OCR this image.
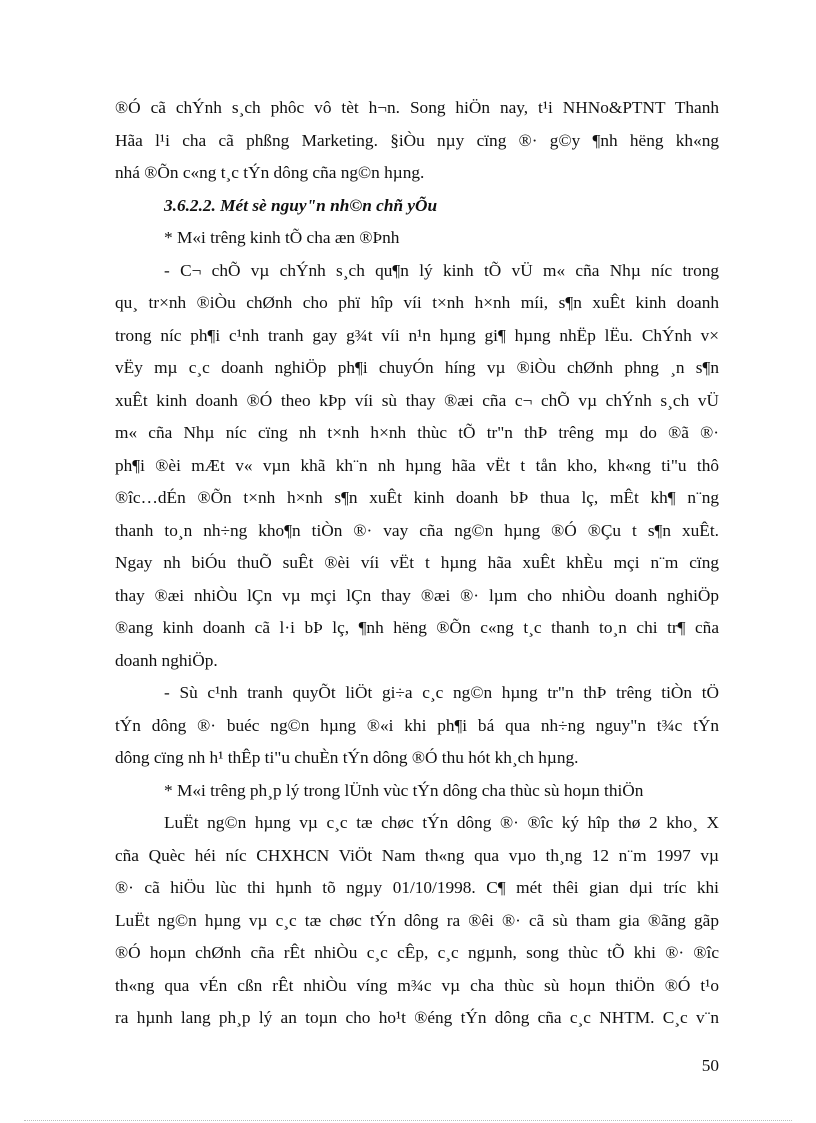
®Ó cã chÝnh s¸ch phôc vô tèt h¬n. Song hiÖn nay, t¹i NHNo&PTNT Thanh
Hãa l¹i cha cã phßng Marketing. §iÒu nµy cïng ®· g©y ¶nh hëng kh«ng
nhá ®Õn c«ng t¸c tÝn dông cña ng©n hµng.
3.6.2.2. Mét sè nguy"n nh©n chñ yÕu
* M«i trêng kinh tÕ cha æn ®Þnh
- C¬ chÕ vµ chÝnh s¸ch qu¶n lý kinh tÕ vÜ m« cña Nhµ níc trong
qu¸ tr×nh ®iÒu chØnh cho phï hîp víi t×nh h×nh míi, s¶n xuÊt kinh doanh
trong níc ph¶i c¹nh tranh gay g¾t víi n¹n hµng gi¶ hµng nhËp lËu. ChÝnh v×
vËy mµ c¸c doanh nghiÖp ph¶i chuyÓn híng vµ ®iÒu chØnh phng ¸n s¶n
xuÊt kinh doanh ®Ó theo kÞp víi sù thay ®æi cña c¬ chÕ vµ chÝnh s¸ch vÜ
m« cña Nhµ níc cïng nh t×nh h×nh thùc tÕ tr"n thÞ trêng mµ do ®ã ®·
ph¶i ®èi mÆt v« vµn khã kh¨n nh hµng hãa vËt t tån kho, kh«ng ti"u thô
®îc…dÉn ®Õn t×nh h×nh s¶n xuÊt kinh doanh bÞ thua lç, mÊt kh¶ n¨ng
thanh to¸n nh÷ng kho¶n tiÒn ®· vay cña ng©n hµng ®Ó ®Çu t s¶n xuÊt.
Ngay nh biÓu thuÕ suÊt ®èi víi vËt t hµng hãa xuÊt khÈu mçi n¨m cïng
thay ®æi nhiÒu lÇn vµ mçi lÇn thay ®æi ®· lµm cho nhiÒu doanh nghiÖp
®ang kinh doanh cã l·i bÞ lç, ¶nh hëng ®Õn c«ng t¸c thanh to¸n chi tr¶ cña
doanh nghiÖp.
- Sù c¹nh tranh quyÕt liÖt gi÷a c¸c ng©n hµng tr"n thÞ trêng tiÒn tÖ
tÝn dông ®· buéc ng©n hµng ®«i khi ph¶i bá qua nh÷ng nguy"n t¾c tÝn
dông cïng nh h¹ thÊp ti"u chuÈn tÝn dông ®Ó thu hót kh¸ch hµng.
* M«i trêng ph¸p lý trong lÜnh vùc tÝn dông cha thùc sù hoµn thiÖn
LuËt ng©n hµng vµ c¸c tæ chøc tÝn dông ®· ®îc ký hîp thø 2 kho¸ X
cña Quèc héi níc CHXHCN ViÖt Nam th«ng qua vµo th¸ng 12 n¨m 1997 vµ
®· cã hiÖu lùc thi hµnh tõ ngµy 01/10/1998. C¶ mét thêi gian dµi tríc khi
LuËt ng©n hµng vµ c¸c tæ chøc tÝn dông ra ®êi ®· cã sù tham gia ®ãng gãp
®Ó hoµn chØnh cña rÊt nhiÒu c¸c cÊp, c¸c ngµnh, song thùc tÕ khi ®· ®îc
th«ng qua vÉn cßn rÊt nhiÒu víng m¾c vµ cha thùc sù hoµn thiÖn ®Ó t¹o
ra hµnh lang ph¸p lý an toµn cho ho¹t ®éng tÝn dông cña c¸c NHTM. C¸c v¨n
50
